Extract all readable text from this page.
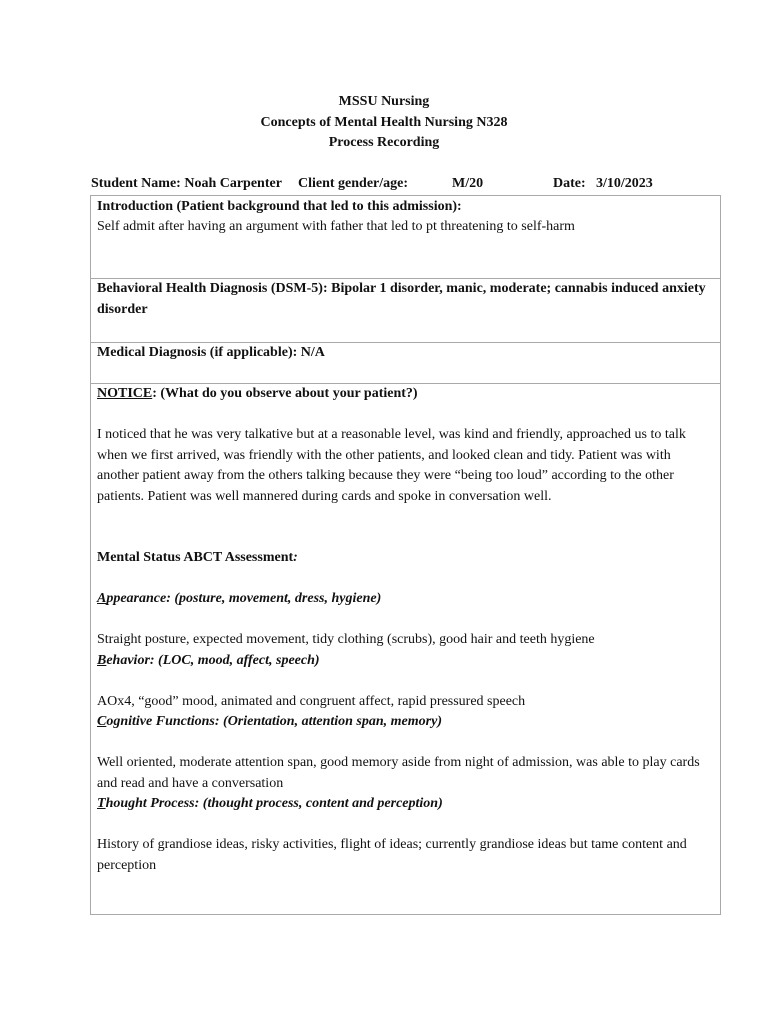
MSSU Nursing
Concepts of Mental Health Nursing N328
Process Recording
Student Name: Noah Carpenter Client gender/age:	M/20	Date: 3/10/2023
Introduction (Patient background that led to this admission):
Self admit after having an argument with father that led to pt threatening to self-harm
Behavioral Health Diagnosis (DSM-5): Bipolar 1 disorder, manic, moderate; cannabis induced anxiety disorder
Medical Diagnosis (if applicable): N/A
NOTICE: (What do you observe about your patient?)
I noticed that he was very talkative but at a reasonable level, was kind and friendly, approached us to talk when we first arrived, was friendly with the other patients, and looked clean and tidy. Patient was with another patient away from the others talking because they were “being too loud” according to the other patients. Patient was well mannered during cards and spoke in conversation well.
Mental Status ABCT Assessment:
Appearance: (posture, movement, dress, hygiene)
Straight posture, expected movement, tidy clothing (scrubs), good hair and teeth hygiene
Behavior: (LOC, mood, affect, speech)
AOx4, “good” mood, animated and congruent affect, rapid pressured speech
Cognitive Functions: (Orientation, attention span, memory)
Well oriented, moderate attention span, good memory aside from night of admission, was able to play cards and read and have a conversation
Thought Process: (thought process, content and perception)
History of grandiose ideas, risky activities, flight of ideas; currently grandiose ideas but tame content and perception
